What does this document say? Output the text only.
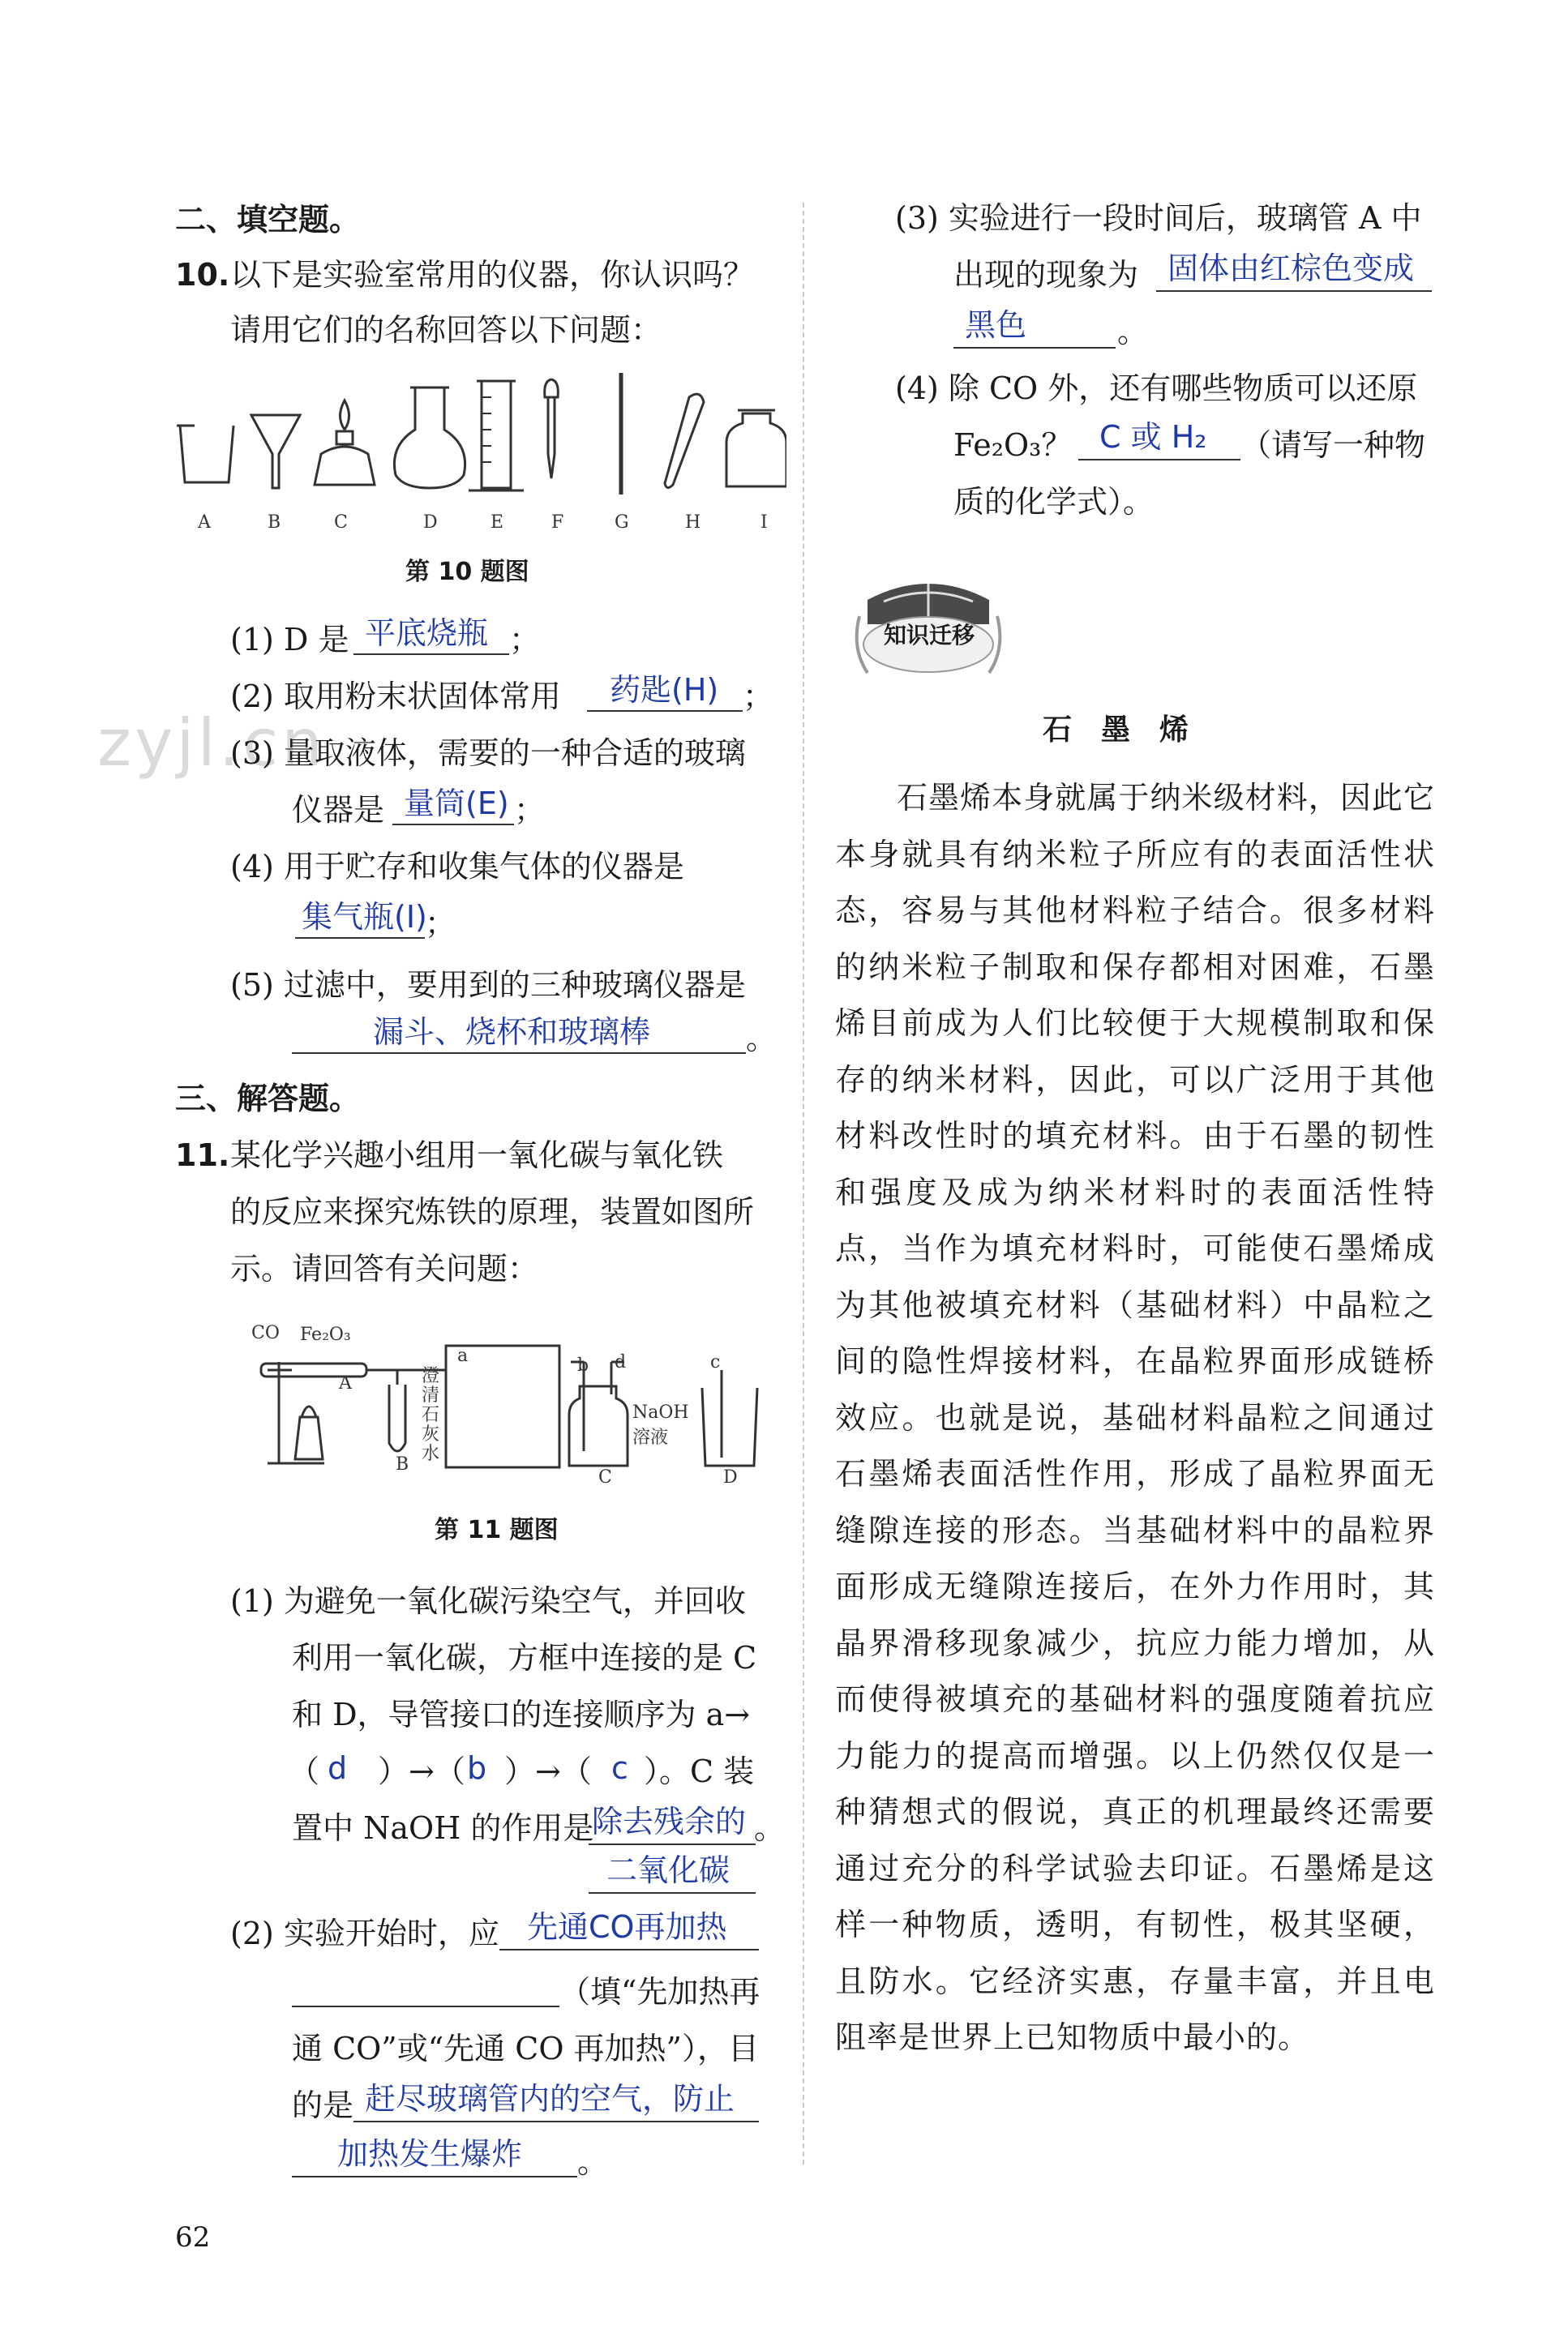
zyjl.cn
二、填空题。
10. 以下是实验室常用的仪器，你认识吗？
请用它们的名称回答以下问题：
A	B	C	D	E	F	G	H	I
第 10 题图
(1) D 是 平底烧瓶 ；
(2) 取用粉末状固体常用 药匙(H) ；
(3) 量取液体，需要的一种合适的玻璃
仪器是 量筒(E) ；
(4) 用于贮存和收集气体的仪器是
集气瓶(I)
；
(5) 过滤中，要用到的三种玻璃仪器是
漏斗、烧杯和玻璃棒	。
三、解答题。
11. 某化学兴趣小组用一氧化碳与氧化铁
的反应来探究炼铁的原理，装置如图所
示。请回答有关问题：
CO Fe₂O₃
A
a
澄
清
石
灰
水
B
b d
NaOH
溶液
C
c
D
第 11 题图
(1) 为避免一氧化碳污染空气，并回收
利用一氧化碳，方框中连接的是 C
和 D，导管接口的连接顺序为 a→
（ d ）→（ b ）→（ c ）。C 装
置中 NaOH 的作用是
除去残余的 。
二氧化碳
(2) 实验开始时，应 先通CO再加热
（填“先加热再
通 CO”或“先通 CO 再加热”），目
的是 赶尽玻璃管内的空气，防止
加热发生爆炸 。
62
(3) 实验进行一段时间后，玻璃管 A 中
出现的现象为 固体由红棕色变成
黑色	。
(4) 除 CO 外，还有哪些物质可以还原
Fe₂O₃？ C 或 H₂ （请写一种物
质的化学式）。
知识迁移
石　墨　烯
石墨烯本身就属于纳米级材料，因此它本身就具有纳米粒子所应有的表面活性状态，容易与其他材料粒子结合。很多材料的纳米粒子制取和保存都相对困难，石墨烯目前成为人们比较便于大规模制取和保存的纳米材料，因此，可以广泛用于其他材料改性时的填充材料。由于石墨的韧性和强度及成为纳米材料时的表面活性特点，当作为填充材料时，可能使石墨烯成为其他被填充材料（基础材料）中晶粒之间的隐性焊接材料，在晶粒界面形成链桥效应。也就是说，基础材料晶粒之间通过石墨烯表面活性作用，形成了晶粒界面无缝隙连接的形态。当基础材料中的晶粒界面形成无缝隙连接后，在外力作用时，其晶界滑移现象减少，抗应力能力增加，从而使得被填充的基础材料的强度随着抗应力能力的提高而增强。以上仍然仅仅是一种猜想式的假说，真正的机理最终还需要通过充分的科学试验去印证。石墨烯是这样一种物质，透明，有韧性，极其坚硬，且防水。它经济实惠，存量丰富，并且电阻率是世界上已知物质中最小的。
